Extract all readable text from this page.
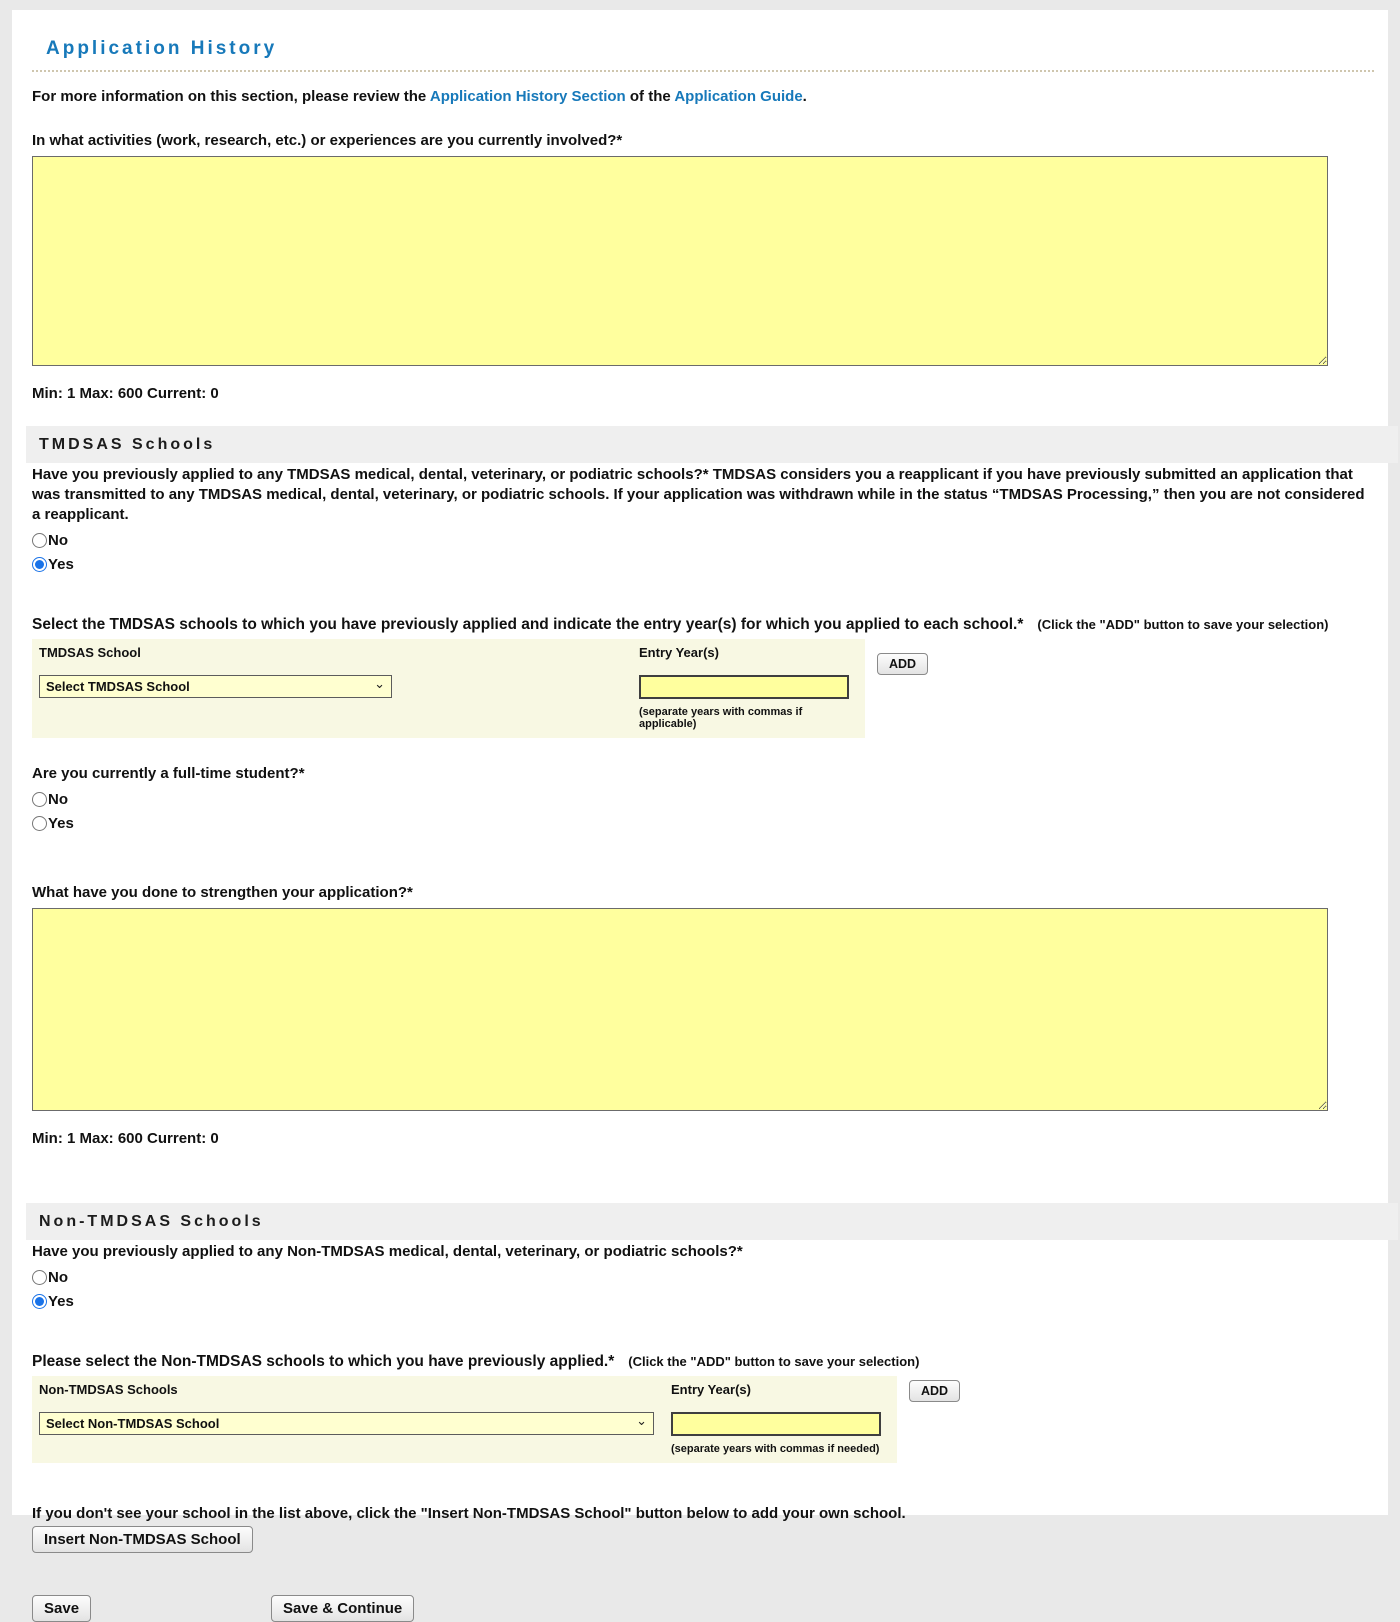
Application History
For more information on this section, please review the Application History Section of the Application Guide.
In what activities (work, research, etc.) or experiences are you currently involved?*
Min: 1 Max: 600 Current: 0
TMDSAS Schools
Have you previously applied to any TMDSAS medical, dental, veterinary, or podiatric schools?* TMDSAS considers you a reapplicant if you have previously submitted an application that was transmitted to any TMDSAS medical, dental, veterinary, or podiatric schools. If your application was withdrawn while in the status “TMDSAS Processing,” then you are not considered a reapplicant.
No
Yes
Select the TMDSAS schools to which you have previously applied and indicate the entry year(s) for which you applied to each school.* (Click the "ADD" button to save your selection)
TMDSAS School
Select TMDSAS School
⌄
Entry Year(s)
(separate years with commas if applicable)
ADD
Are you currently a full-time student?*
No
Yes
What have you done to strengthen your application?*
Min: 1 Max: 600 Current: 0
Non-TMDSAS Schools
Have you previously applied to any Non-TMDSAS medical, dental, veterinary, or podiatric schools?*
No
Yes
Please select the Non-TMDSAS schools to which you have previously applied.* (Click the "ADD" button to save your selection)
Non-TMDSAS Schools
Select Non-TMDSAS School
⌄
Entry Year(s)
(separate years with commas if needed)
ADD
If you don't see your school in the list above, click the "Insert Non-TMDSAS School" button below to add your own school.
Insert Non-TMDSAS School
Save	Save & Continue
